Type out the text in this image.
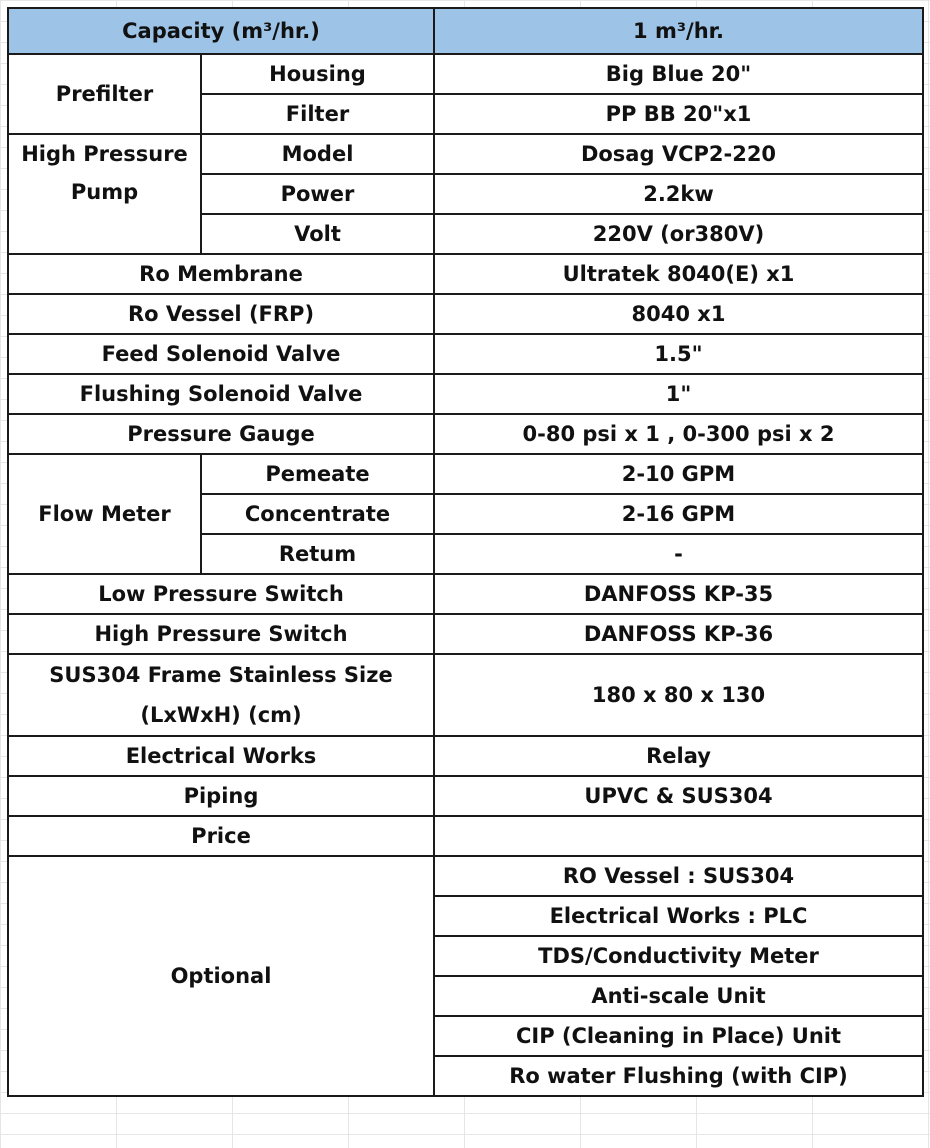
Capacity (m³/hr.)		1 m³/hr.
Prefilter	Housing	Big Blue 20"
	Filter	PP BB 20"x1
High Pressure Pump	Model	Dosag VCP2-220
	Power	2.2kw
	Volt	220V (or380V)
Ro Membrane		Ultratek 8040(E) x1
Ro Vessel (FRP)		8040 x1
Feed Solenoid Valve		1.5"
Flushing Solenoid Valve		1"
Pressure Gauge		0-80 psi x 1 , 0-300 psi x 2
Flow Meter	Pemeate	2-10 GPM
	Concentrate	2-16 GPM
	Retum	-
Low Pressure Switch		DANFOSS KP-35
High Pressure Switch		DANFOSS KP-36
SUS304 Frame Stainless Size
(LxWxH) (cm)		180 x 80 x 130
Electrical Works		Relay
Piping		UPVC & SUS304
Price		
Optional		RO Vessel : SUS304
		Electrical Works : PLC
		TDS/Conductivity Meter
		Anti-scale Unit
		CIP (Cleaning in Place) Unit
		Ro water Flushing (with CIP)
